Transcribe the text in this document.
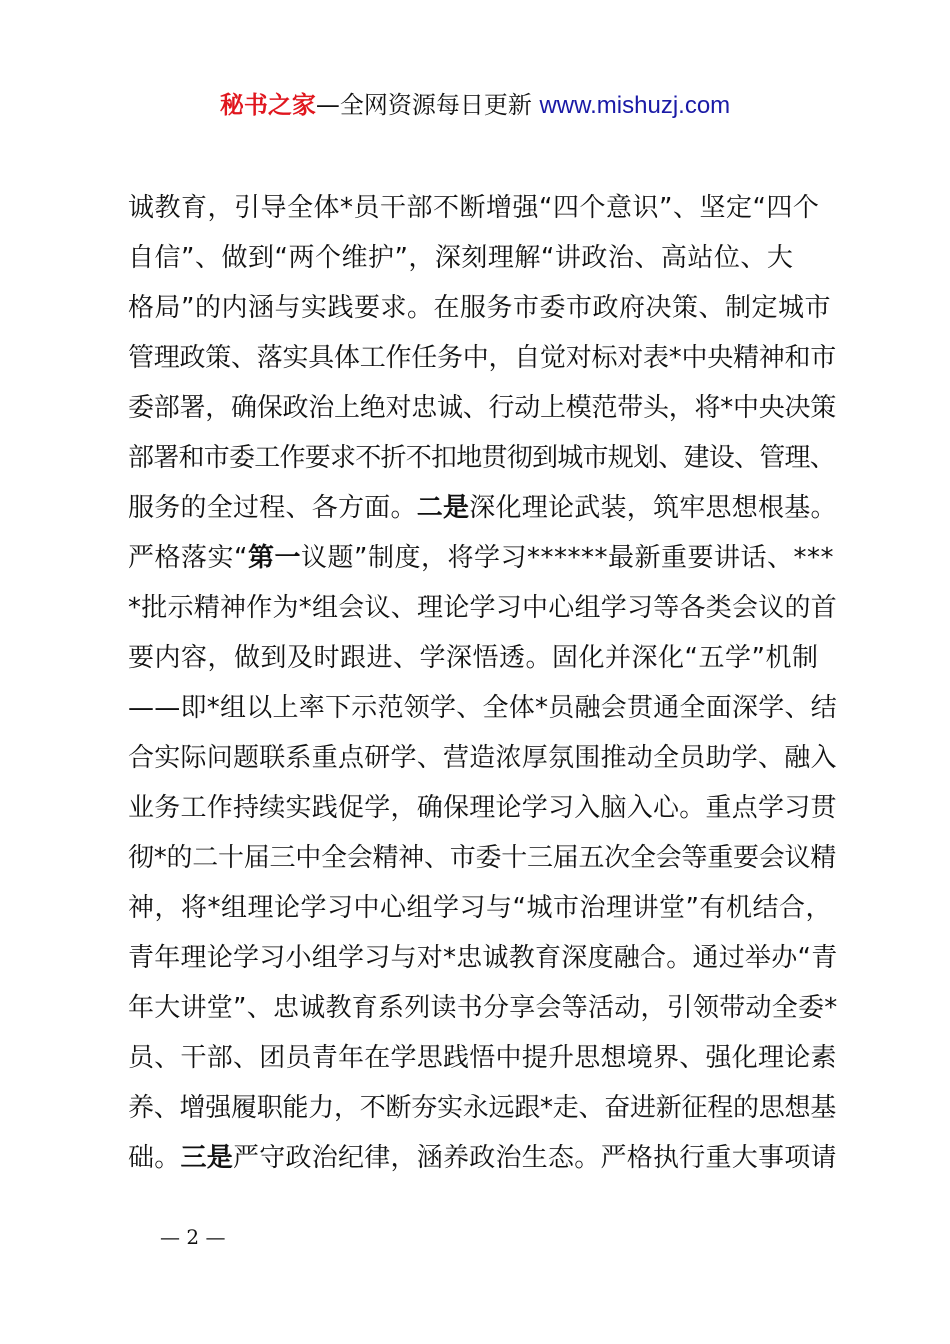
秘书之家—全网资源每日更新 www.mishuzj.com
诚教育，引导全体*员干部不断增强“四个意识”、坚定“四个
自信”、做到“两个维护”，深刻理解“讲政治、高站位、大
格局”的内涵与实践要求。在服务市委市政府决策、制定城市
管理政策、落实具体工作任务中，自觉对标对表*中央精神和市
委部署，确保政治上绝对忠诚、行动上模范带头，将*中央决策
部署和市委工作要求不折不扣地贯彻到城市规划、建设、管理、
服务的全过程、各方面。二是深化理论武装，筑牢思想根基。
严格落实“第一议题”制度，将学习******最新重要讲话、***
*批示精神作为*组会议、理论学习中心组学习等各类会议的首
要内容，做到及时跟进、学深悟透。固化并深化“五学”机制
——即*组以上率下示范领学、全体*员融会贯通全面深学、结
合实际问题联系重点研学、营造浓厚氛围推动全员助学、融入
业务工作持续实践促学，确保理论学习入脑入心。重点学习贯
彻*的二十届三中全会精神、市委十三届五次全会等重要会议精
神，将*组理论学习中心组学习与“城市治理讲堂”有机结合，
青年理论学习小组学习与对*忠诚教育深度融合。通过举办“青
年大讲堂”、忠诚教育系列读书分享会等活动，引领带动全委*
员、干部、团员青年在学思践悟中提升思想境界、强化理论素
养、增强履职能力，不断夯实永远跟*走、奋进新征程的思想基
础。三是严守政治纪律，涵养政治生态。严格执行重大事项请
— 2 —
